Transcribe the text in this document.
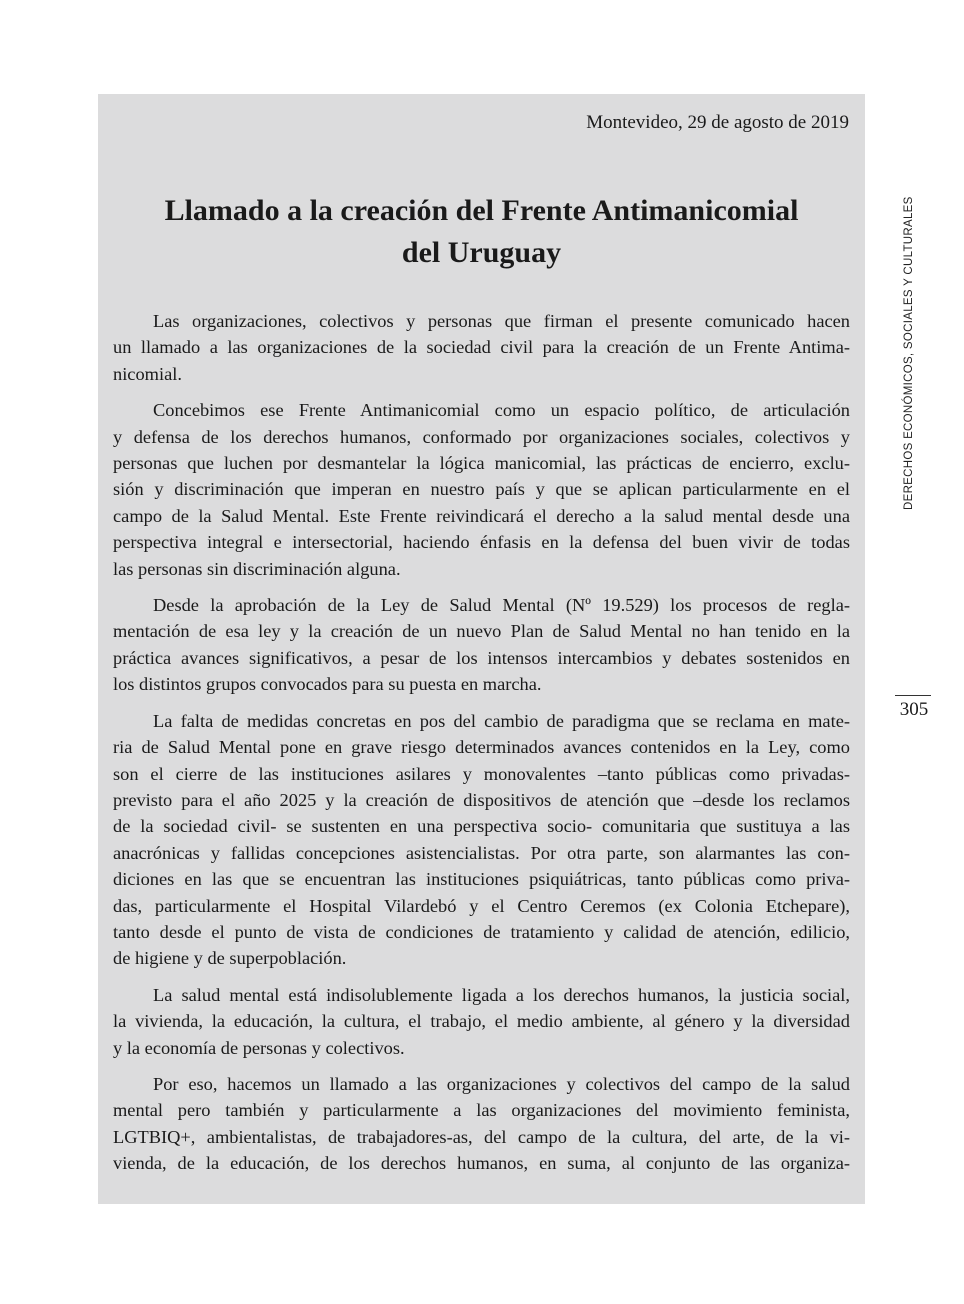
Montevideo, 29 de agosto de 2019
Llamado a la creación del Frente Antimanicomial
del Uruguay

Las organizaciones, colectivos y personas que firman el presente comunicado hacen
un llamado a las organizaciones de la sociedad civil para la creación de un Frente Antima-
nicomial.

Concebimos ese Frente Antimanicomial como un espacio político, de articulación
y defensa de los derechos humanos, conformado por organizaciones sociales, colectivos y
personas que luchen por desmantelar la lógica manicomial, las prácticas de encierro, exclu-
sión y discriminación que imperan en nuestro país y que se aplican particularmente en el
campo de la Salud Mental. Este Frente reivindicará el derecho a la salud mental desde una
perspectiva integral e intersectorial, haciendo énfasis en la defensa del buen vivir de todas
las personas sin discriminación alguna.

Desde la aprobación de la Ley de Salud Mental (Nº 19.529) los procesos de regla-
mentación de esa ley y la creación de un nuevo Plan de Salud Mental no han tenido en la
práctica avances significativos, a pesar de los intensos intercambios y debates sostenidos en
los distintos grupos convocados para su puesta en marcha.

La falta de medidas concretas en pos del cambio de paradigma que se reclama en mate-
ria de Salud Mental pone en grave riesgo determinados avances contenidos en la Ley, como
son el cierre de las instituciones asilares y monovalentes –tanto públicas como privadas-
previsto para el año 2025 y la creación de dispositivos de atención que –desde los reclamos
de la sociedad civil- se sustenten en una perspectiva socio- comunitaria que sustituya a las
anacrónicas y fallidas concepciones asistencialistas. Por otra parte, son alarmantes las con-
diciones en las que se encuentran las instituciones psiquiátricas, tanto públicas como priva-
das, particularmente el Hospital Vilardebó y el Centro Ceremos (ex Colonia Etchepare),
tanto desde el punto de vista de condiciones de tratamiento y calidad de atención, edilicio,
de higiene y de superpoblación.

La salud mental está indisolublemente ligada a los derechos humanos, la justicia social,
la vivienda, la educación, la cultura, el trabajo, el medio ambiente, al género y la diversidad
y la economía de personas y colectivos.

Por eso, hacemos un llamado a las organizaciones y colectivos del campo de la salud
mental pero también y particularmente a las organizaciones del movimiento feminista,
LGTBIQ+, ambientalistas, de trabajadores-as, del campo de la cultura, del arte, de la vi-
vienda, de la educación, de los derechos humanos, en suma, al conjunto de las organiza-

DERECHOS ECONÓMICOS, SOCIALES Y CULTURALES
305
